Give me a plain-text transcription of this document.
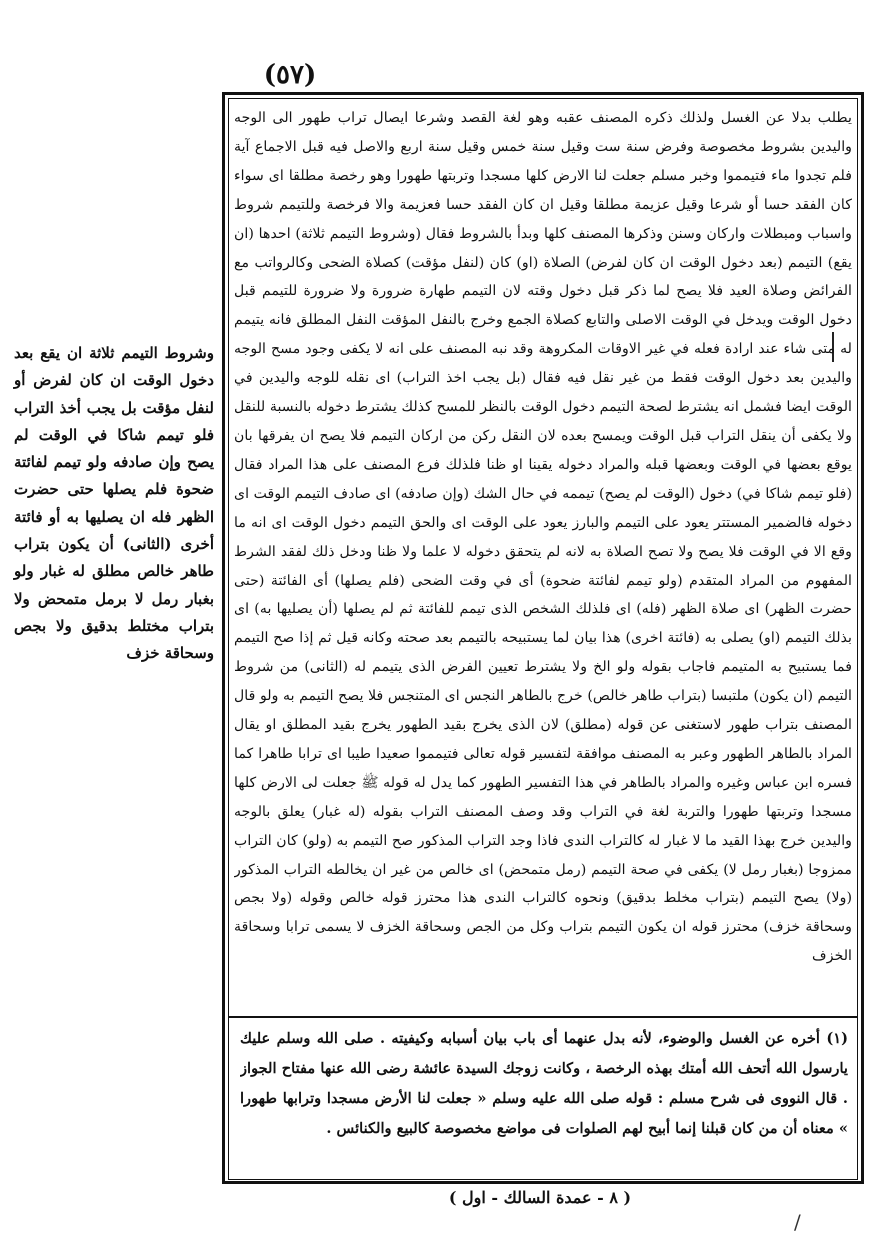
(٥٧)

يطلب بدلا عن الغسل ولذلك ذكره المصنف عقبه وهو لغة القصد وشرعا ايصال تراب طهور الى الوجه واليدين بشروط مخصوصة وفرض سنة ست وقيل سنة خمس وقيل سنة اربع والاصل فيه قبل الاجماع آية فلم تجدوا ماء فتيمموا وخبر مسلم جعلت لنا الارض كلها مسجدا وتربتها طهورا وهو رخصة مطلقا اى سواء كان الفقد حسا أو شرعا وقيل عزيمة مطلقا وقيل ان كان الفقد حسا فعزيمة والا فرخصة وللتيمم شروط واسباب ومبطلات واركان وسنن وذكرها المصنف كلها وبدأ بالشروط فقال (وشروط التيمم ثلاثة) احدها (ان يقع) التيمم (بعد دخول الوقت ان كان لفرض) الصلاة (او) كان (لنفل مؤقت) كصلاة الضحى وكالرواتب مع الفرائض وصلاة العيد فلا يصح لما ذكر قبل دخول وقته لان التيمم طهارة ضرورة ولا ضرورة للتيمم قبل دخول الوقت ويدخل في الوقت الاصلى والتابع كصلاة الجمع وخرج بالنفل المؤقت النفل المطلق فانه يتيمم له متى شاء عند ارادة فعله في غير الاوقات المكروهة وقد نبه المصنف على انه لا يكفى وجود مسح الوجه واليدين بعد دخول الوقت فقط من غير نقل فيه فقال (بل يجب اخذ التراب) اى نقله للوجه واليدين في الوقت ايضا فشمل انه يشترط لصحة التيمم دخول الوقت بالنظر للمسح كذلك يشترط دخوله بالنسبة للنقل ولا يكفى أن ينقل التراب قبل الوقت ويمسح بعده لان النقل ركن من اركان التيمم فلا يصح ان يفرقها بان يوقع بعضها في الوقت وبعضها قبله والمراد دخوله يقينا او ظنا فلذلك فرع المصنف على هذا المراد فقال (فلو تيمم شاكا في) دخول (الوقت لم يصح) تيممه في حال الشك (وإن صادفه) اى صادف التيمم الوقت اى دخوله فالضمير المستتر يعود على التيمم والبارز يعود على الوقت اى والحق التيمم دخول الوقت اى انه ما وقع الا في الوقت فلا يصح ولا تصح الصلاة به لانه لم يتحقق دخوله لا علما ولا ظنا ودخل ذلك لفقد الشرط المفهوم من المراد المتقدم (ولو تيمم لفائتة ضحوة) أى في وقت الضحى (فلم يصلها) أى الفائتة (حتى حضرت الظهر) اى صلاة الظهر (فله) اى فلذلك الشخص الذى تيمم للفائتة ثم لم يصلها (أن يصليها به) اى بذلك التيمم (او) يصلى به (فائتة اخرى) هذا بيان لما يستبيحه بالتيمم بعد صحته وكانه قيل ثم إذا صح التيمم فما يستبيح به المتيمم فاجاب بقوله ولو الخ ولا يشترط تعيين الفرض الذى يتيمم له (الثانى) من شروط التيمم (ان يكون) ملتبسا (بتراب طاهر خالص) خرج بالطاهر النجس اى المتنجس فلا يصح التيمم به ولو قال المصنف بتراب طهور لاستغنى عن قوله (مطلق) لان الذى يخرج بقيد الطهور يخرج بقيد المطلق او يقال المراد بالطاهر الطهور وعبر به المصنف موافقة لتفسير قوله تعالى فتيمموا صعيدا طيبا اى ترابا طاهرا كما فسره ابن عباس وغيره والمراد بالطاهر في هذا التفسير الطهور كما يدل له قوله ﷺ جعلت لى الارض كلها مسجدا وتربتها طهورا والتربة لغة في التراب وقد وصف المصنف التراب بقوله (له غبار) يعلق بالوجه واليدين خرج بهذا القيد ما لا غبار له كالتراب الندى فاذا وجد التراب المذكور صح التيمم به (ولو) كان التراب ممزوجا (بغبار رمل لا) يكفى في صحة التيمم (رمل متمحض) اى خالص من غير ان يخالطه التراب المذكور (ولا) يصح التيمم (بتراب مخلط بدقيق) ونحوه كالتراب الندى هذا محترز قوله خالص وقوله (ولا بجص وسحاقة خزف) محترز قوله ان يكون التيمم بتراب وكل من الجص وسحاقة الخزف لا يسمى ترابا وسحاقة الخزف

(١) أخره عن الغسل والوضوء، لأنه بدل عنهما أى باب بيان أسبابه وكيفيته . صلى الله وسلم عليك يارسول الله أتحف الله أمتك بهذه الرخصة ، وكانت زوجك السيدة عائشة رضى الله عنها مفتاح الجواز . قال النووى فى شرح مسلم : قوله صلى الله عليه وسلم « جعلت لنا الأرض مسجدا وترابها طهورا » معناه أن من كان قبلنا إنما أبيح لهم الصلوات فى مواضع مخصوصة كالبيع والكنائس .

( ٨ - عمدة السالك - اول )
وشروط التيمم ثلاثة ان يقع بعد دخول الوقت ان كان لفرض أو لنفل مؤقت بل يجب أخذ التراب فلو تيمم شاكا في الوقت لم يصح وإن صادفه ولو تيمم لفائتة ضحوة فلم يصلها حتى حضرت الظهر فله ان يصليها به أو فائتة أخرى (الثانى) أن يكون بتراب طاهر خالص مطلق له غبار ولو بغبار رمل لا برمل متمحض ولا بتراب مختلط بدقيق ولا بجص وسحاقة خزف
/
